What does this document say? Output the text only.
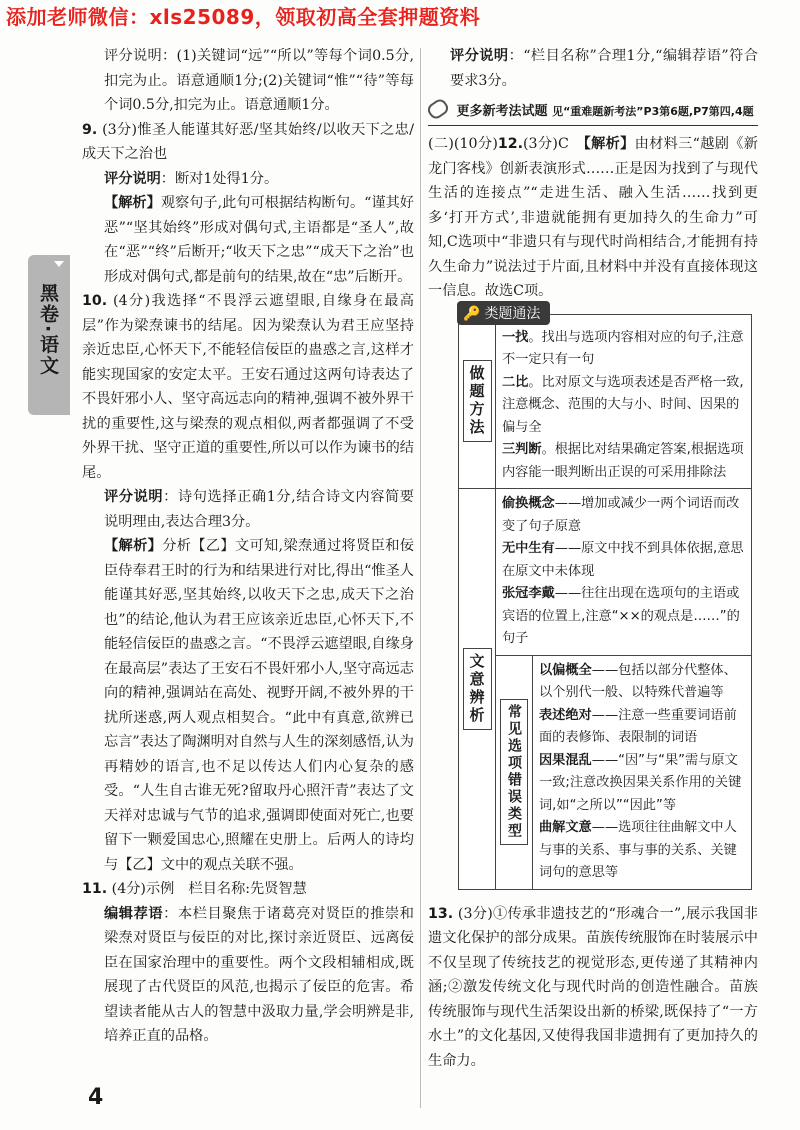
添加老师微信：xls25089，领取初高全套押题资料
黑卷·语文

评分说明：(1)关键词“远”“所以”等每个词0.5分,扣完为止。语意通顺1分;(2)关键词“惟”“待”等每个词0.5分,扣完为止。语意通顺1分。

9. (3分)惟圣人能谨其好恶/坚其始终/以收天下之忠/成天下之治也

评分说明：断对1处得1分。

【解析】观察句子,此句可根据结构断句。“谨其好恶”“坚其始终”形成对偶句式,主语都是“圣人”,故在“恶”“终”后断开;“收天下之忠”“成天下之治”也形成对偶句式,都是前句的结果,故在“忠”后断开。

10. (4分)我选择“不畏浮云遮望眼,自缘身在最高层”作为梁焘谏书的结尾。因为梁焘认为君王应坚持亲近忠臣,心怀天下,不能轻信佞臣的蛊惑之言,这样才能实现国家的安定太平。王安石通过这两句诗表达了不畏奸邪小人、坚守高远志向的精神,强调不被外界干扰的重要性,这与梁焘的观点相似,两者都强调了不受外界干扰、坚守正道的重要性,所以可以作为谏书的结尾。

评分说明：诗句选择正确1分,结合诗文内容简要说明理由,表达合理3分。

【解析】分析【乙】文可知,梁焘通过将贤臣和佞臣侍奉君王时的行为和结果进行对比,得出“惟圣人能谨其好恶,坚其始终,以收天下之忠,成天下之治也”的结论,他认为君王应该亲近忠臣,心怀天下,不能轻信佞臣的蛊惑之言。“不畏浮云遮望眼,自缘身在最高层”表达了王安石不畏奸邪小人,坚守高远志向的精神,强调站在高处、视野开阔,不被外界的干扰所迷惑,两人观点相契合。“此中有真意,欲辨已忘言”表达了陶渊明对自然与人生的深刻感悟,认为再精妙的语言,也不足以传达人们内心复杂的感受。“人生自古谁无死?留取丹心照汗青”表达了文天祥对忠诚与气节的追求,强调即使面对死亡,也要留下一颗爱国忠心,照耀在史册上。后两人的诗均与【乙】文中的观点关联不强。

11. (4分)示例　栏目名称:先贤智慧

编辑荐语：本栏目聚焦于诸葛亮对贤臣的推崇和梁焘对贤臣与佞臣的对比,探讨亲近贤臣、远离佞臣在国家治理中的重要性。两个文段相辅相成,既展现了古代贤臣的风范,也揭示了佞臣的危害。希望读者能从古人的智慧中汲取力量,学会明辨是非,培养正直的品格。

评分说明：“栏目名称”合理1分,“编辑荐语”符合要求3分。

更多新考法试题 见“重难题新考法”P3第6题,P7第四,4题

(二)(10分)12.(3分)C　 【解析】由材料三“越剧《新龙门客栈》创新表演形式……正是因为找到了与现代生活的连接点”“走进生活、融入生活……找到更多‘打开方式’,非遗就能拥有更加持久的生命力”可知,C选项中“非遗只有与现代时尚相结合,才能拥有持久生命力”说法过于片面,且材料中并没有直接体现这一信息。故选C项。

🔑 类题通法
做题方法
一找。找出与选项内容相对应的句子,注意不一定只有一句
二比。比对原文与选项表述是否严格一致,注意概念、范围的大与小、时间、因果的偏与全
三判断。根据比对结果确定答案,根据选项内容能一眼判断出正误的可采用排除法
文意辨析
偷换概念——增加或减少一两个词语而改变了句子原意
无中生有——原文中找不到具体依据,意思在原文中未体现
张冠李戴——往往出现在选项句的主语或宾语的位置上,注意“××的观点是……”的句子
常见选项错误类型
以偏概全——包括以部分代整体、以个别代一般、以特殊代普遍等
表述绝对——注意一些重要词语前面的表修饰、表限制的词语
因果混乱——“因”与“果”需与原文一致;注意改换因果关系作用的关键词,如“之所以”“因此”等
曲解文意——选项往往曲解文中人与事的关系、事与事的关系、关键词句的意思等

13. (3分)①传承非遗技艺的“形魂合一”,展示我国非遗文化保护的部分成果。苗族传统服饰在时装展示中不仅呈现了传统技艺的视觉形态,更传递了其精神内涵;②激发传统文化与现代时尚的创造性融合。苗族传统服饰与现代生活架设出新的桥梁,既保持了“一方水土”的文化基因,又使得我国非遗拥有了更加持久的生命力。

4
